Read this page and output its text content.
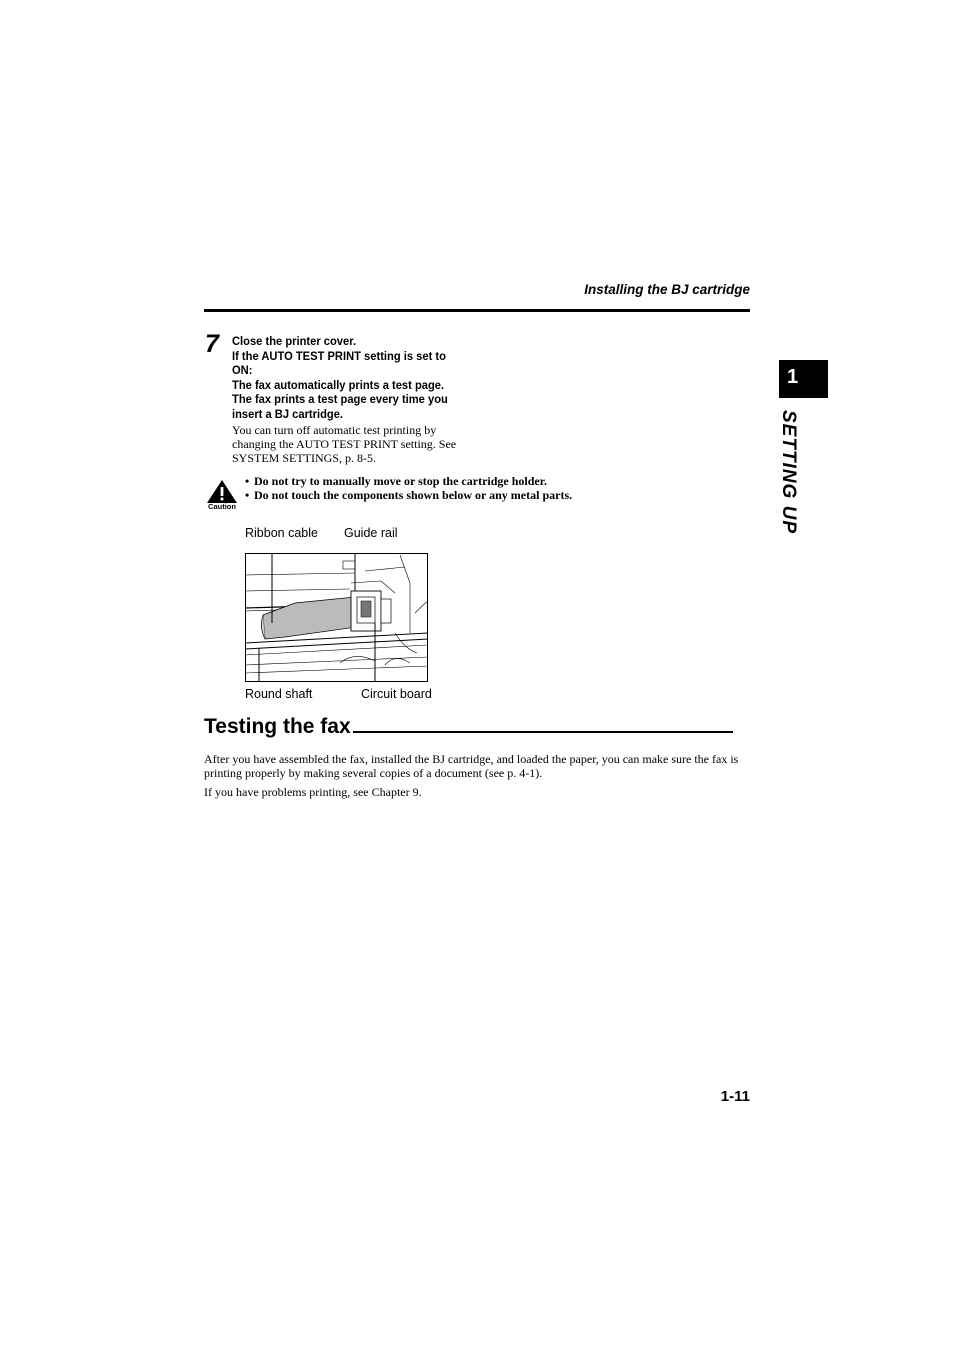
Installing the BJ cartridge
1
SETTING UP
7 Close the printer cover.
If the AUTO TEST PRINT setting is set to
ON:
The fax automatically prints a test page.
The fax prints a test page every time you
insert a BJ cartridge.
You can turn off automatic test printing by changing the AUTO TEST PRINT setting. See SYSTEM SETTINGS, p. 8-5.
Caution
• Do not try to manually move or stop the cartridge holder.
• Do not touch the components shown below or any metal parts.
Ribbon cable Guide rail
Round shaft	Circuit board
Testing the fax
After you have assembled the fax, installed the BJ cartridge, and loaded the paper, you can make sure the fax is printing properly by making several copies of a document (see p. 4-1).
If you have problems printing, see Chapter 9.
1-11
